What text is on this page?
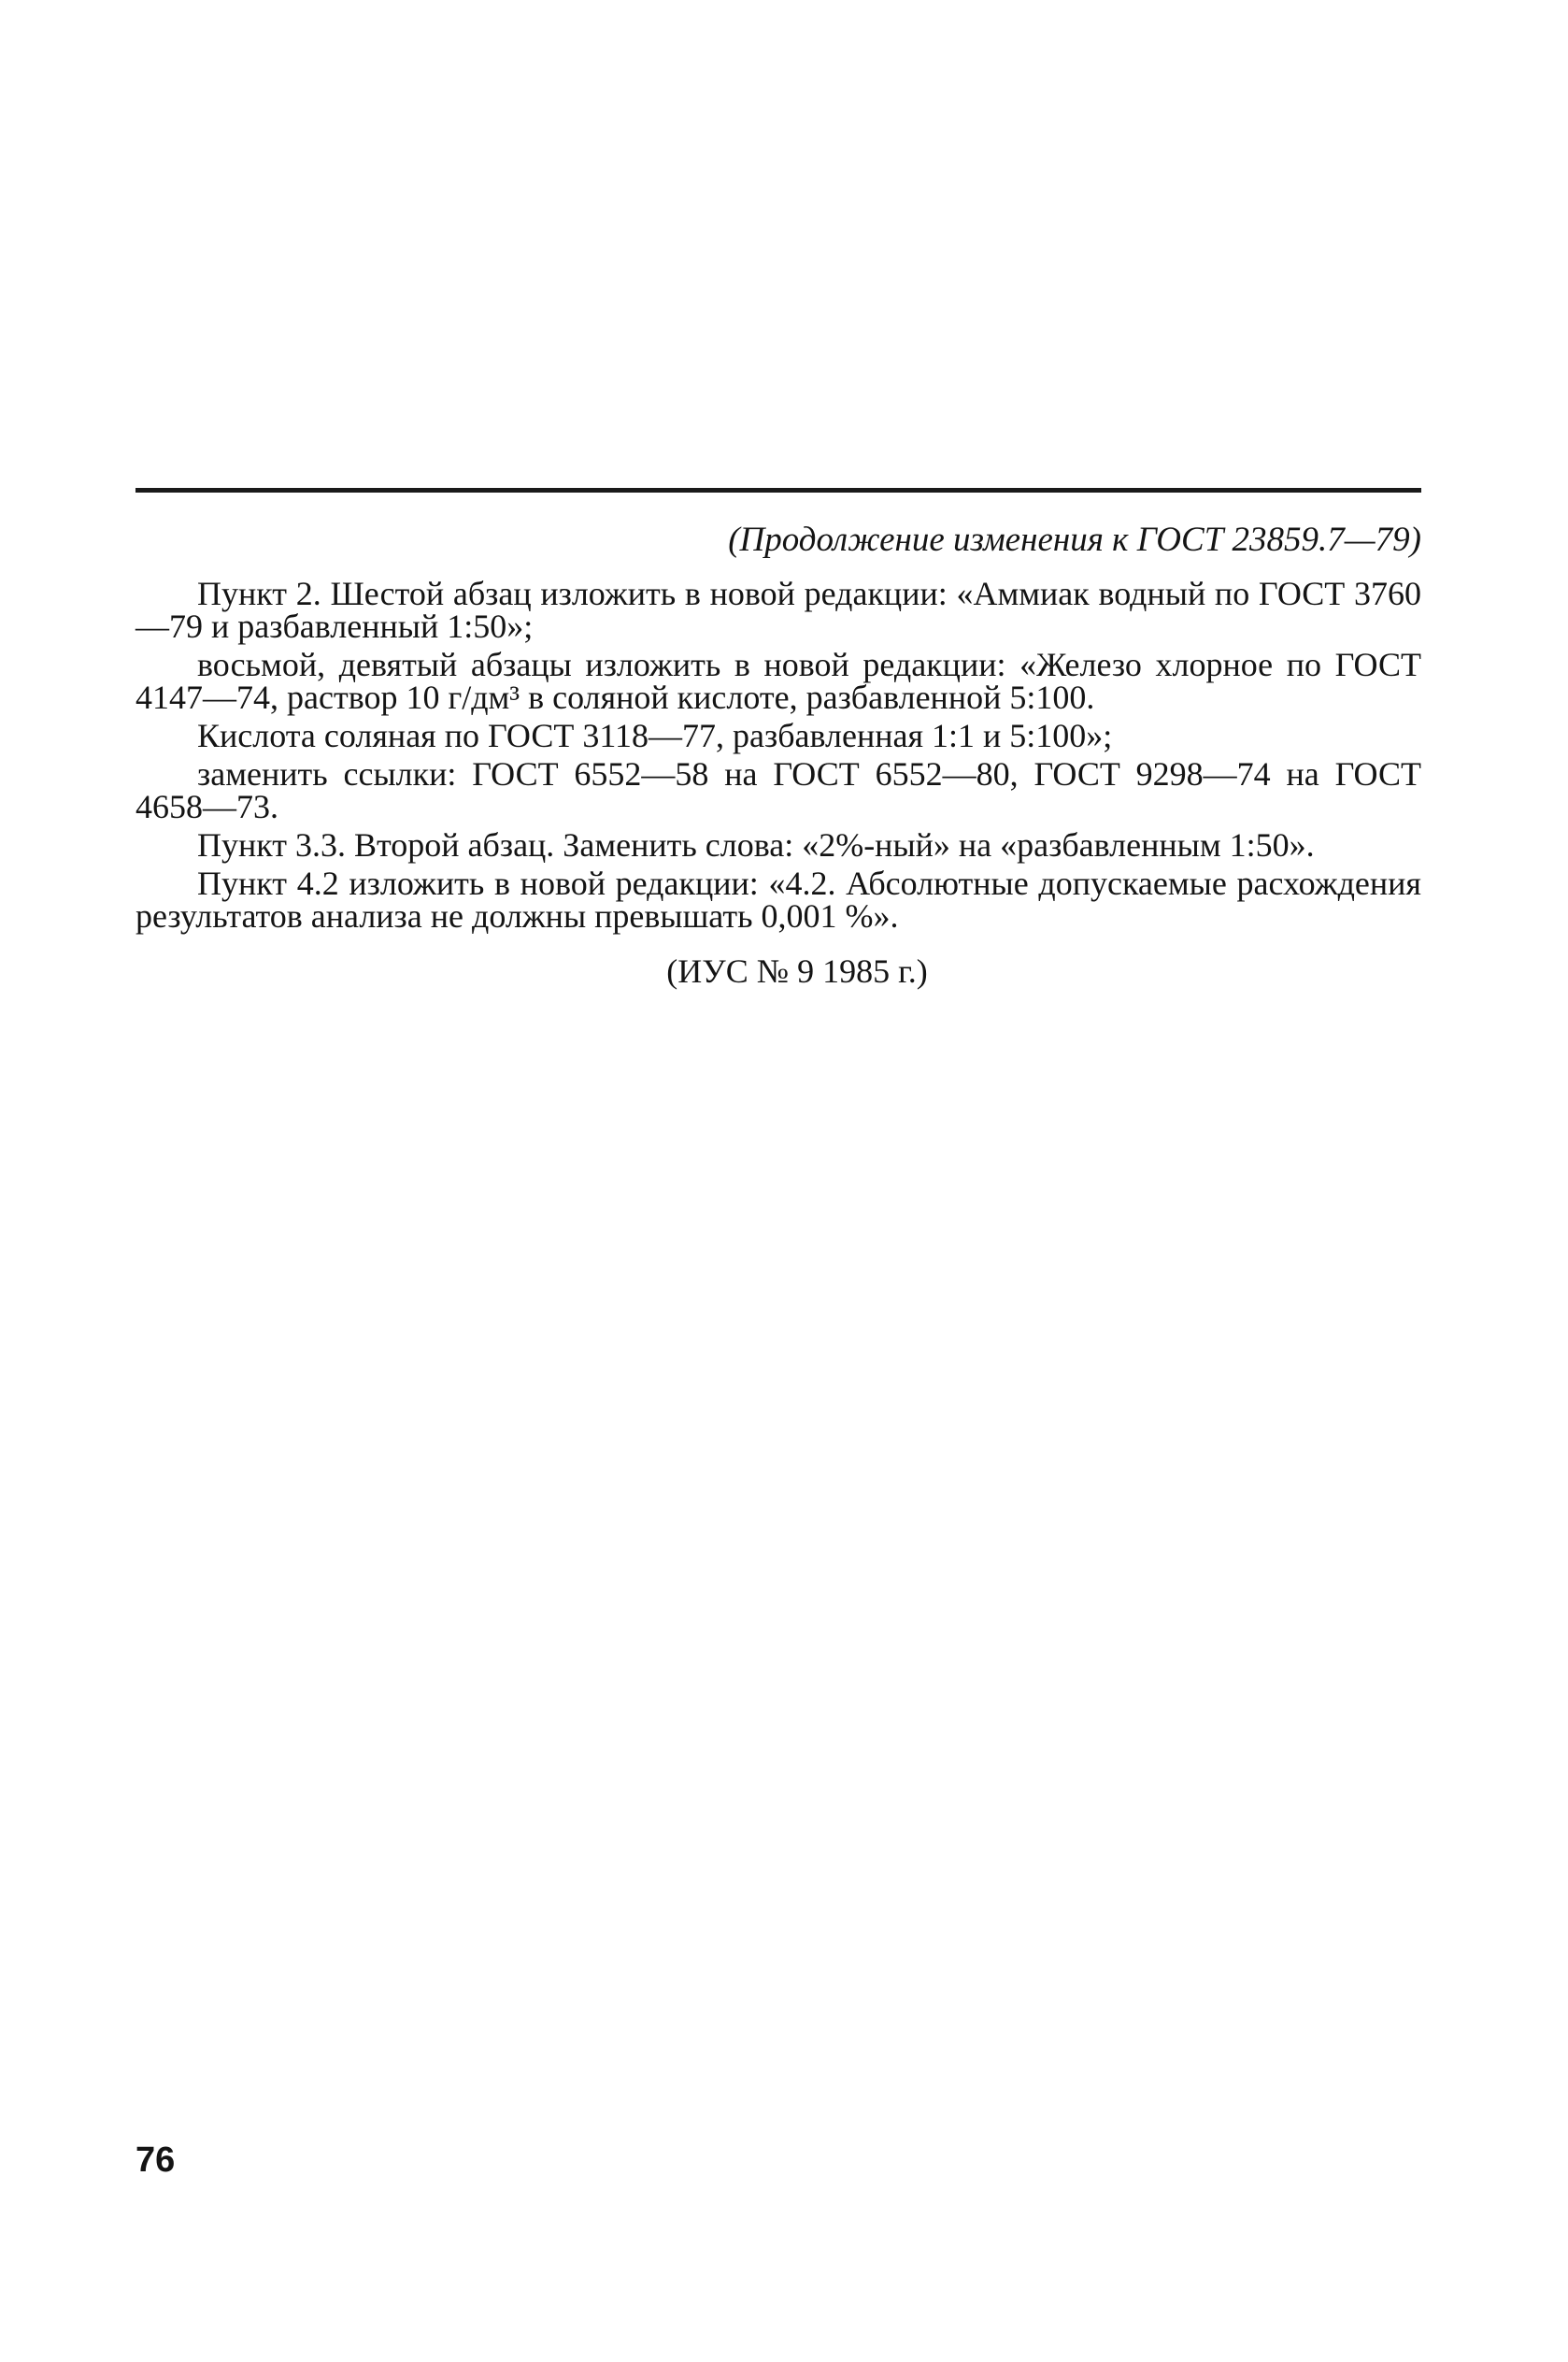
(Продолжение изменения к ГОСТ 23859.7—79)

Пункт 2. Шестой абзац изложить в новой редакции: «Аммиак водный по ГОСТ 3760—79 и разбавленный 1:50»;

восьмой, девятый абзацы изложить в новой редакции: «Железо хлорное по ГОСТ 4147—74, раствор 10 г/дм³ в соляной кислоте, разбавленной 5:100.

Кислота соляная по ГОСТ 3118—77, разбавленная 1:1 и 5:100»;

заменить ссылки: ГОСТ 6552—58 на ГОСТ 6552—80, ГОСТ 9298—74 на ГОСТ 4658—73.

Пункт 3.3. Второй абзац. Заменить слова: «2%-ный» на «разбавленным 1:50».

Пункт 4.2 изложить в новой редакции: «4.2. Абсолютные допускаемые расхождения результатов анализа не должны превышать 0,001 %».

(ИУС № 9 1985 г.)

76
